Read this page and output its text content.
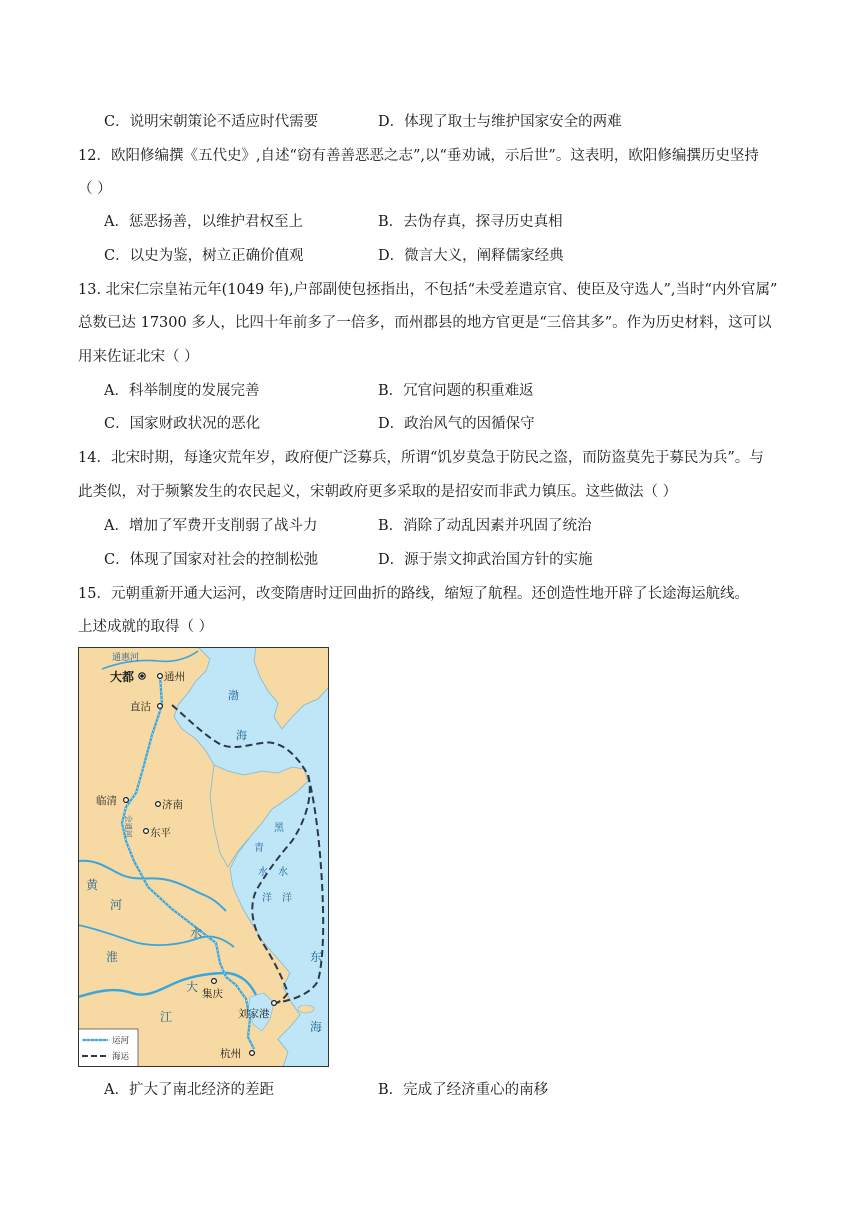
C．说明宋朝策论不适应时代需要	D．体现了取士与维护国家安全的两难
12．欧阳修编撰《五代史》,自述“窃有善善恶恶之志”,以“垂劝诫，示后世”。这表明，欧阳修编撰历史坚持
（ ）
A．惩恶扬善，以维护君权至上	B．去伪存真，探寻历史真相
C．以史为鉴，树立正确价值观	D．微言大义，阐释儒家经典
13. 北宋仁宗皇祐元年(1049 年),户部副使包拯指出，不包括“未受差遣京官、使臣及守选人”,当时“内外官属”
总数已达 17300 多人，比四十年前多了一倍多，而州郡县的地方官更是“三倍其多”。作为历史材料，这可以
用来佐证北宋（ ）
A．科举制度的发展完善	B．冗官问题的积重难返
C．国家财政状况的恶化	D．政治风气的因循保守
14．北宋时期，每逢灾荒年岁，政府便广泛募兵，所谓“饥岁莫急于防民之盗，而防盗莫先于募民为兵”。与
此类似，对于频繁发生的农民起义，宋朝政府更多采取的是招安而非武力镇压。这些做法（ ）
A．增加了军费开支削弱了战斗力	B．消除了动乱因素并巩固了统治
C．体现了国家对社会的控制松弛	D．源于崇文抑武治国方针的实施
15．元朝重新开通大运河，改变隋唐时迂回曲折的路线，缩短了航程。还创造性地开辟了长途海运航线。
上述成就的取得（ ）
通惠河
大都	通州
直沽
渤
海
临清	济南
会通河 东平
青
黑
水 水
洋 洋
黄
河
淮
水
东
海
大
江
集庆
刘家港
杭州
运河
海运
A．扩大了南北经济的差距	B．完成了经济重心的南移
